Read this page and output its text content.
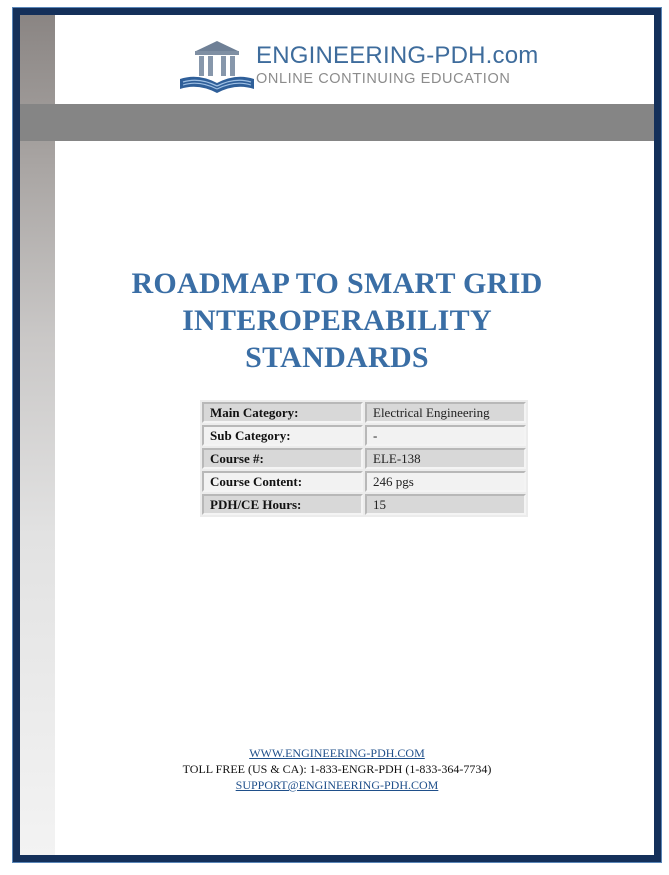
ENGINEERING-PDH.com
ONLINE CONTINUING EDUCATION
ROADMAP TO SMART GRID
INTEROPERABILITY
STANDARDS
Main Category:	Electrical Engineering
Sub Category:	-
Course #:	ELE-138
Course Content:	246 pgs
PDH/CE Hours:	15
WWW.ENGINEERING-PDH.COM
TOLL FREE (US & CA): 1-833-ENGR-PDH (1-833-364-7734)
SUPPORT@ENGINEERING-PDH.COM
